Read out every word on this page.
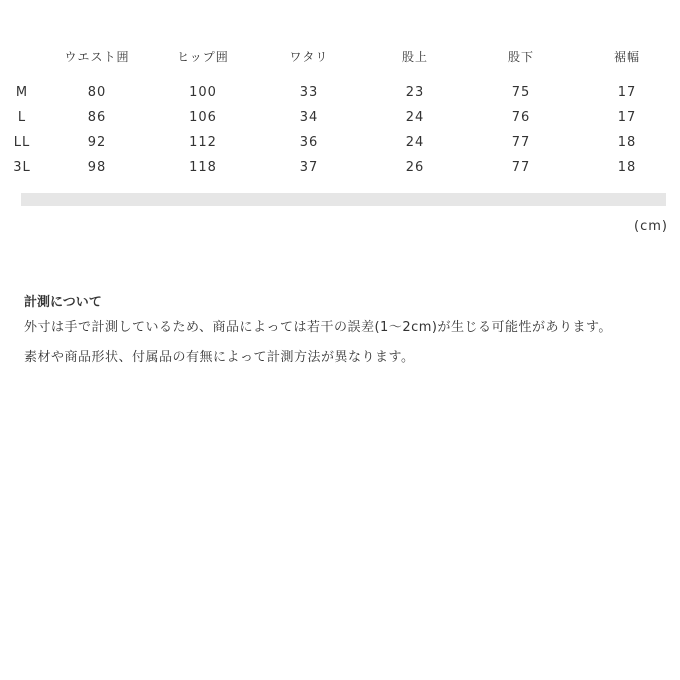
	ウエスト囲	ヒップ囲	ワタリ	股上	股下	裾幅
M	80	100	33	23	75	17
L	86	106	34	24	76	17
LL	92	112	36	24	77	18
3L	98	118	37	26	77	18
(cm)
計測について

外寸は手で計測しているため、商品によっては若干の誤差(1〜2cm)が生じる可能性があります。

素材や商品形状、付属品の有無によって計測方法が異なります。
